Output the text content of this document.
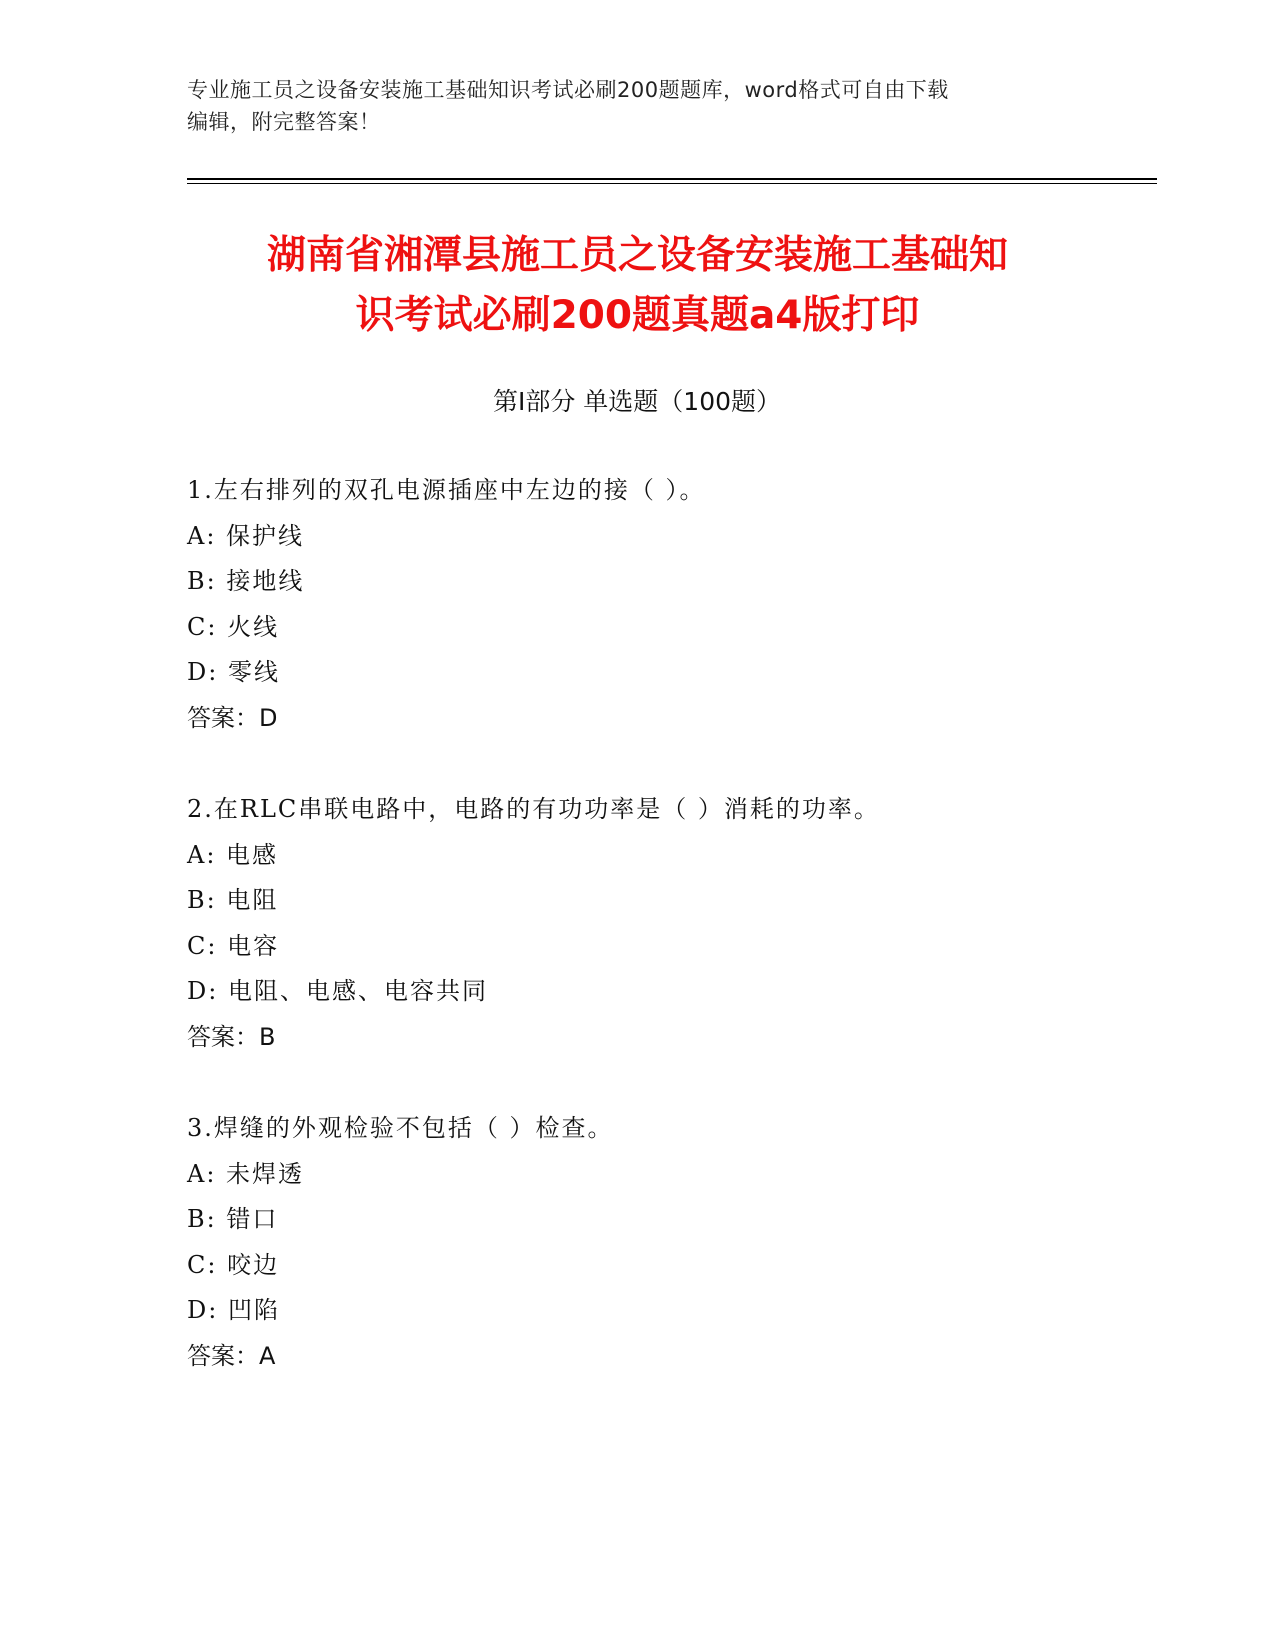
专业施工员之设备安装施工基础知识考试必刷200题题库，word格式可自由下载
编辑，附完整答案！
湖南省湘潭县施工员之设备安装施工基础知
识考试必刷200题真题a4版打印
第Ⅰ部分 单选题（100题）
1.左右排列的双孔电源插座中左边的接（ ）。
A: 保护线
B: 接地线
C: 火线
D: 零线
答案：D
2.在RLC串联电路中，电路的有功功率是（ ）消耗的功率。
A: 电感
B: 电阻
C: 电容
D: 电阻、电感、电容共同
答案：B
3.焊缝的外观检验不包括（ ）检查。
A: 未焊透
B: 错口
C: 咬边
D: 凹陷
答案：A
